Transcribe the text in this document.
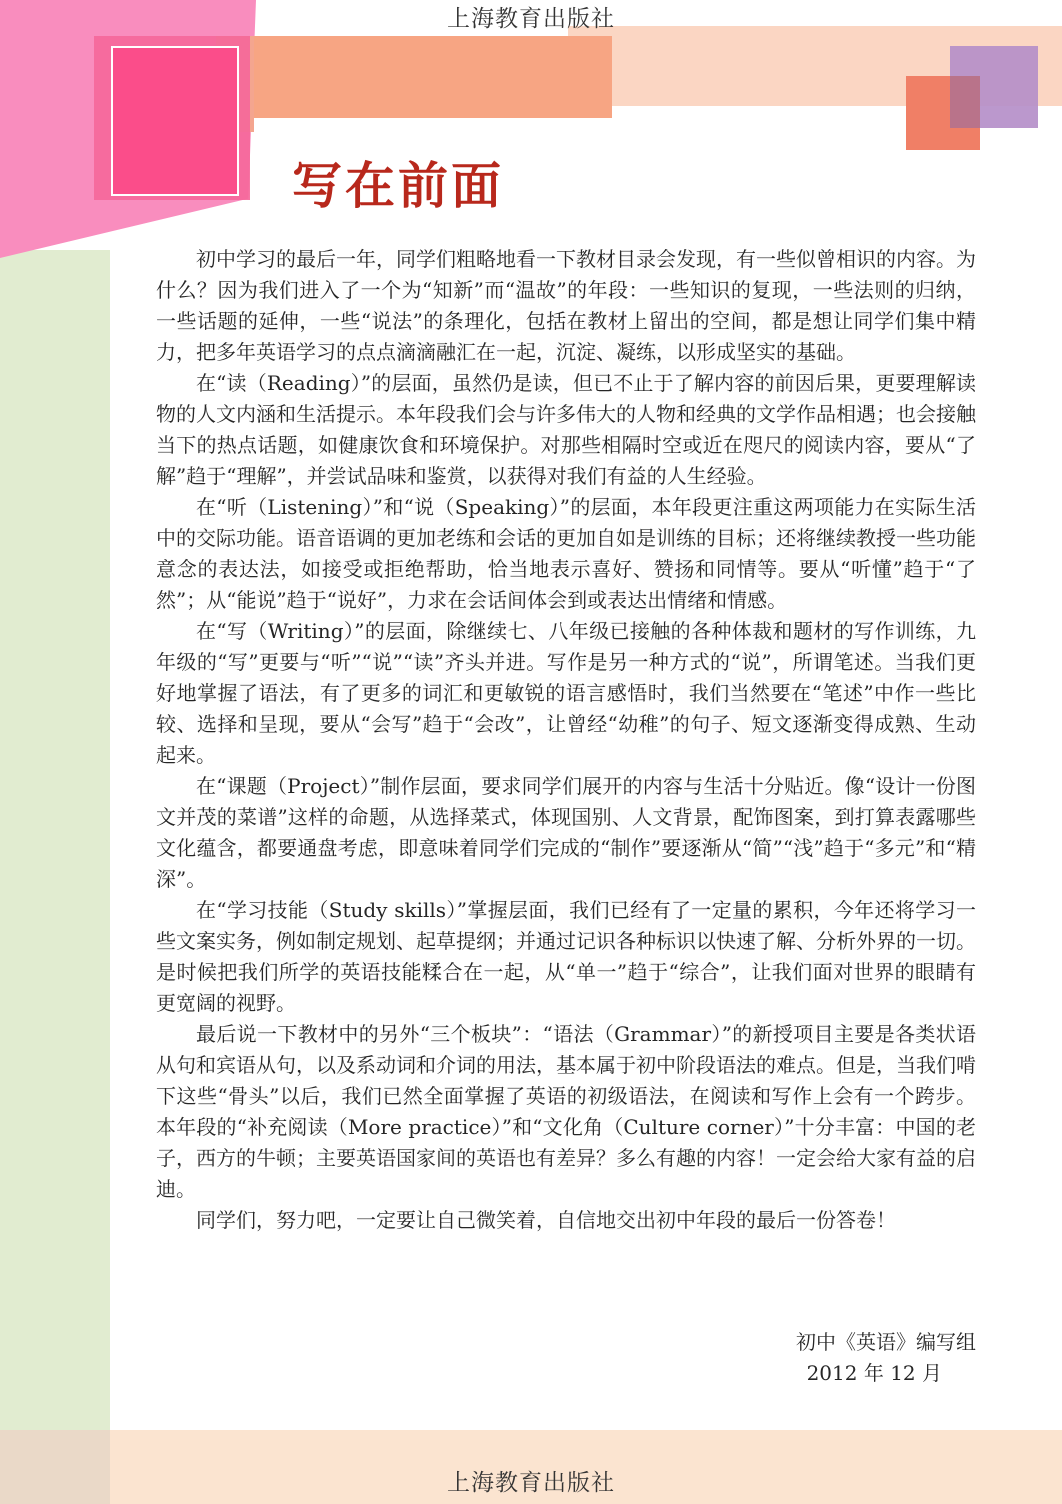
上海教育出版社
写在前面

初中学习的最后一年，同学们粗略地看一下教材目录会发现，有一些似曾相识的内容。为什么？因为我们进入了一个为“知新”而“温故”的年段：一些知识的复现，一些法则的归纳，一些话题的延伸，一些“说法”的条理化，包括在教材上留出的空间，都是想让同学们集中精力，把多年英语学习的点点滴滴融汇在一起，沉淀、凝练，以形成坚实的基础。

在“读（Reading）”的层面，虽然仍是读，但已不止于了解内容的前因后果，更要理解读物的人文内涵和生活提示。本年段我们会与许多伟大的人物和经典的文学作品相遇；也会接触当下的热点话题，如健康饮食和环境保护。对那些相隔时空或近在咫尺的阅读内容，要从“了解”趋于“理解”，并尝试品味和鉴赏，以获得对我们有益的人生经验。

在“听（Listening）”和“说（Speaking）”的层面，本年段更注重这两项能力在实际生活中的交际功能。语音语调的更加老练和会话的更加自如是训练的目标；还将继续教授一些功能意念的表达法，如接受或拒绝帮助，恰当地表示喜好、赞扬和同情等。要从“听懂”趋于“了然”；从“能说”趋于“说好”，力求在会话间体会到或表达出情绪和情感。

在“写（Writing）”的层面，除继续七、八年级已接触的各种体裁和题材的写作训练，九年级的“写”更要与“听”“说”“读”齐头并进。写作是另一种方式的“说”，所谓笔述。当我们更好地掌握了语法，有了更多的词汇和更敏锐的语言感悟时，我们当然要在“笔述”中作一些比较、选择和呈现，要从“会写”趋于“会改”，让曾经“幼稚”的句子、短文逐渐变得成熟、生动起来。

在“课题（Project）”制作层面，要求同学们展开的内容与生活十分贴近。像“设计一份图文并茂的菜谱”这样的命题，从选择菜式，体现国别、人文背景，配饰图案，到打算表露哪些文化蕴含，都要通盘考虑，即意味着同学们完成的“制作”要逐渐从“简”“浅”趋于“多元”和“精深”。

在“学习技能（Study skills）”掌握层面，我们已经有了一定量的累积，今年还将学习一些文案实务，例如制定规划、起草提纲；并通过记识各种标识以快速了解、分析外界的一切。是时候把我们所学的英语技能糅合在一起，从“单一”趋于“综合”，让我们面对世界的眼睛有更宽阔的视野。

最后说一下教材中的另外“三个板块”：“语法（Grammar）”的新授项目主要是各类状语从句和宾语从句，以及系动词和介词的用法，基本属于初中阶段语法的难点。但是，当我们啃下这些“骨头”以后，我们已然全面掌握了英语的初级语法，在阅读和写作上会有一个跨步。本年段的“补充阅读（More practice）”和“文化角（Culture corner）”十分丰富：中国的老子，西方的牛顿；主要英语国家间的英语也有差异？多么有趣的内容！一定会给大家有益的启迪。

同学们，努力吧，一定要让自己微笑着，自信地交出初中年段的最后一份答卷！

初中《英语》编写组
2012 年 12 月
上海教育出版社
